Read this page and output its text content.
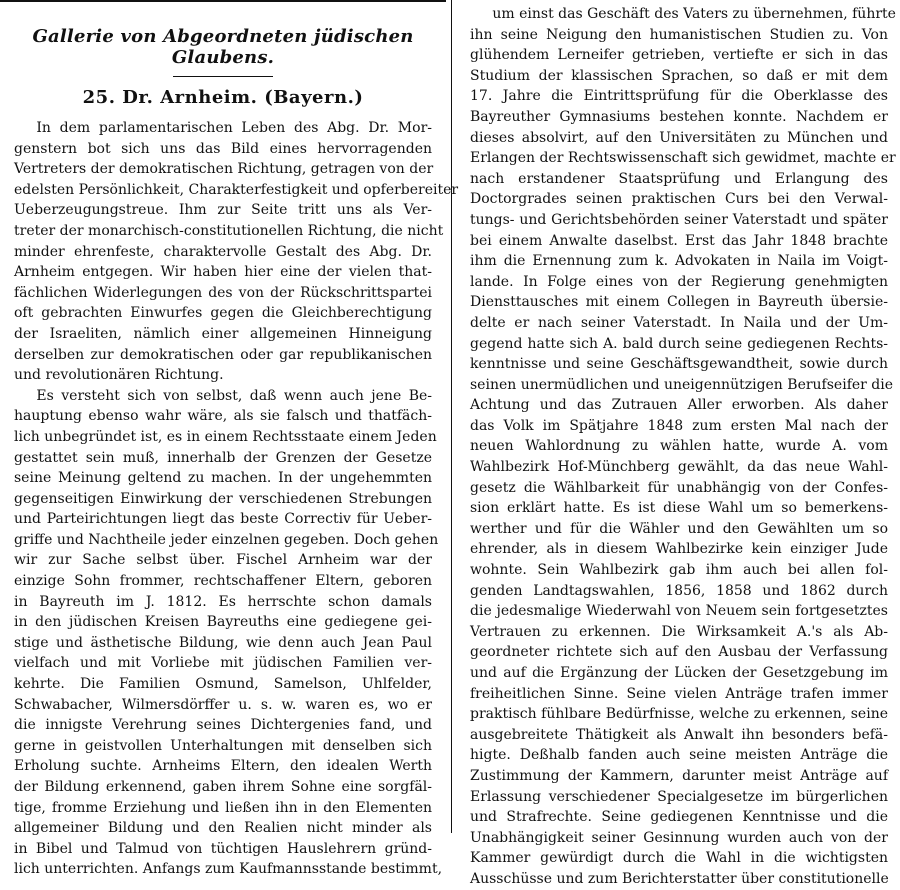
Gallerie von Abgeordneten jüdischen Glaubens.
25. Dr. Arnheim. (Bayern.)

In dem parlamentarischen Leben des Abg. Dr. Mor-
genstern bot sich uns das Bild eines hervorragenden
Vertreters der demokratischen Richtung, getragen von der
edelsten Persönlichkeit, Charakterfestigkeit und opferbereiter
Ueberzeugungstreue. Ihm zur Seite tritt uns als Ver-
treter der monarchisch-constitutionellen Richtung, die nicht
minder ehrenfeste, charaktervolle Gestalt des Abg. Dr.
Arnheim entgegen. Wir haben hier eine der vielen that-
fächlichen Widerlegungen des von der Rückschrittspartei
oft gebrachten Einwurfes gegen die Gleichberechtigung
der Israeliten, nämlich einer allgemeinen Hinneigung
derselben zur demokratischen oder gar republikanischen
und revolutionären Richtung.

Es versteht sich von selbst, daß wenn auch jene Be-
hauptung ebenso wahr wäre, als sie falsch und thatfäch-
lich unbegründet ist, es in einem Rechtsstaate einem Jeden
gestattet sein muß, innerhalb der Grenzen der Gesetze
seine Meinung geltend zu machen. In der ungehemmten
gegenseitigen Einwirkung der verschiedenen Strebungen
und Parteirichtungen liegt das beste Correctiv für Ueber-
griffe und Nachtheile jeder einzelnen gegeben. Doch gehen
wir zur Sache selbst über. Fischel Arnheim war der
einzige Sohn frommer, rechtschaffener Eltern, geboren
in Bayreuth im J. 1812. Es herrschte schon damals
in den jüdischen Kreisen Bayreuths eine gediegene gei-
stige und ästhetische Bildung, wie denn auch Jean Paul
vielfach und mit Vorliebe mit jüdischen Familien ver-
kehrte. Die Familien Osmund, Samelson, Uhlfelder,
Schwabacher, Wilmersdörffer u. s. w. waren es, wo er
die innigste Verehrung seines Dichtergenies fand, und
gerne in geistvollen Unterhaltungen mit denselben sich
Erholung suchte. Arnheims Eltern, den idealen Werth
der Bildung erkennend, gaben ihrem Sohne eine sorgfäl-
tige, fromme Erziehung und ließen ihn in den Elementen
allgemeiner Bildung und den Realien nicht minder als
in Bibel und Talmud von tüchtigen Hauslehrern gründ-
lich unterrichten. Anfangs zum Kaufmannsstande bestimmt,

um einst das Geschäft des Vaters zu übernehmen, führte
ihn seine Neigung den humanistischen Studien zu. Von
glühendem Lerneifer getrieben, vertiefte er sich in das
Studium der klassischen Sprachen, so daß er mit dem
17. Jahre die Eintrittsprüfung für die Oberklasse des
Bayreuther Gymnasiums bestehen konnte. Nachdem er
dieses absolvirt, auf den Universitäten zu München und
Erlangen der Rechtswissenschaft sich gewidmet, machte er
nach erstandener Staatsprüfung und Erlangung des
Doctorgrades seinen praktischen Curs bei den Verwal-
tungs- und Gerichtsbehörden seiner Vaterstadt und später
bei einem Anwalte daselbst. Erst das Jahr 1848 brachte
ihm die Ernennung zum k. Advokaten in Naila im Voigt-
lande. In Folge eines von der Regierung genehmigten
Diensttausches mit einem Collegen in Bayreuth übersie-
delte er nach seiner Vaterstadt. In Naila und der Um-
gegend hatte sich A. bald durch seine gediegenen Rechts-
kenntnisse und seine Geschäftsgewandtheit, sowie durch
seinen unermüdlichen und uneigennützigen Berufseifer die
Achtung und das Zutrauen Aller erworben. Als daher
das Volk im Spätjahre 1848 zum ersten Mal nach der
neuen Wahlordnung zu wählen hatte, wurde A. vom
Wahlbezirk Hof-Münchberg gewählt, da das neue Wahl-
gesetz die Wählbarkeit für unabhängig von der Confes-
sion erklärt hatte. Es ist diese Wahl um so bemerkens-
werther und für die Wähler und den Gewählten um so
ehrender, als in diesem Wahlbezirke kein einziger Jude
wohnte. Sein Wahlbezirk gab ihm auch bei allen fol-
genden Landtagswahlen, 1856, 1858 und 1862 durch
die jedesmalige Wiederwahl von Neuem sein fortgesetztes
Vertrauen zu erkennen. Die Wirksamkeit A.'s als Ab-
geordneter richtete sich auf den Ausbau der Verfassung
und auf die Ergänzung der Lücken der Gesetzgebung im
freiheitlichen Sinne. Seine vielen Anträge trafen immer
praktisch fühlbare Bedürfnisse, welche zu erkennen, seine
ausgebreitete Thätigkeit als Anwalt ihn besonders befä-
higte. Deßhalb fanden auch seine meisten Anträge die
Zustimmung der Kammern, darunter meist Anträge auf
Erlassung verschiedener Specialgesetze im bürgerlichen
und Strafrechte. Seine gediegenen Kenntnisse und die
Unabhängigkeit seiner Gesinnung wurden auch von der
Kammer gewürdigt durch die Wahl in die wichtigsten
Ausschüsse und zum Berichterstatter über constitutionelle
